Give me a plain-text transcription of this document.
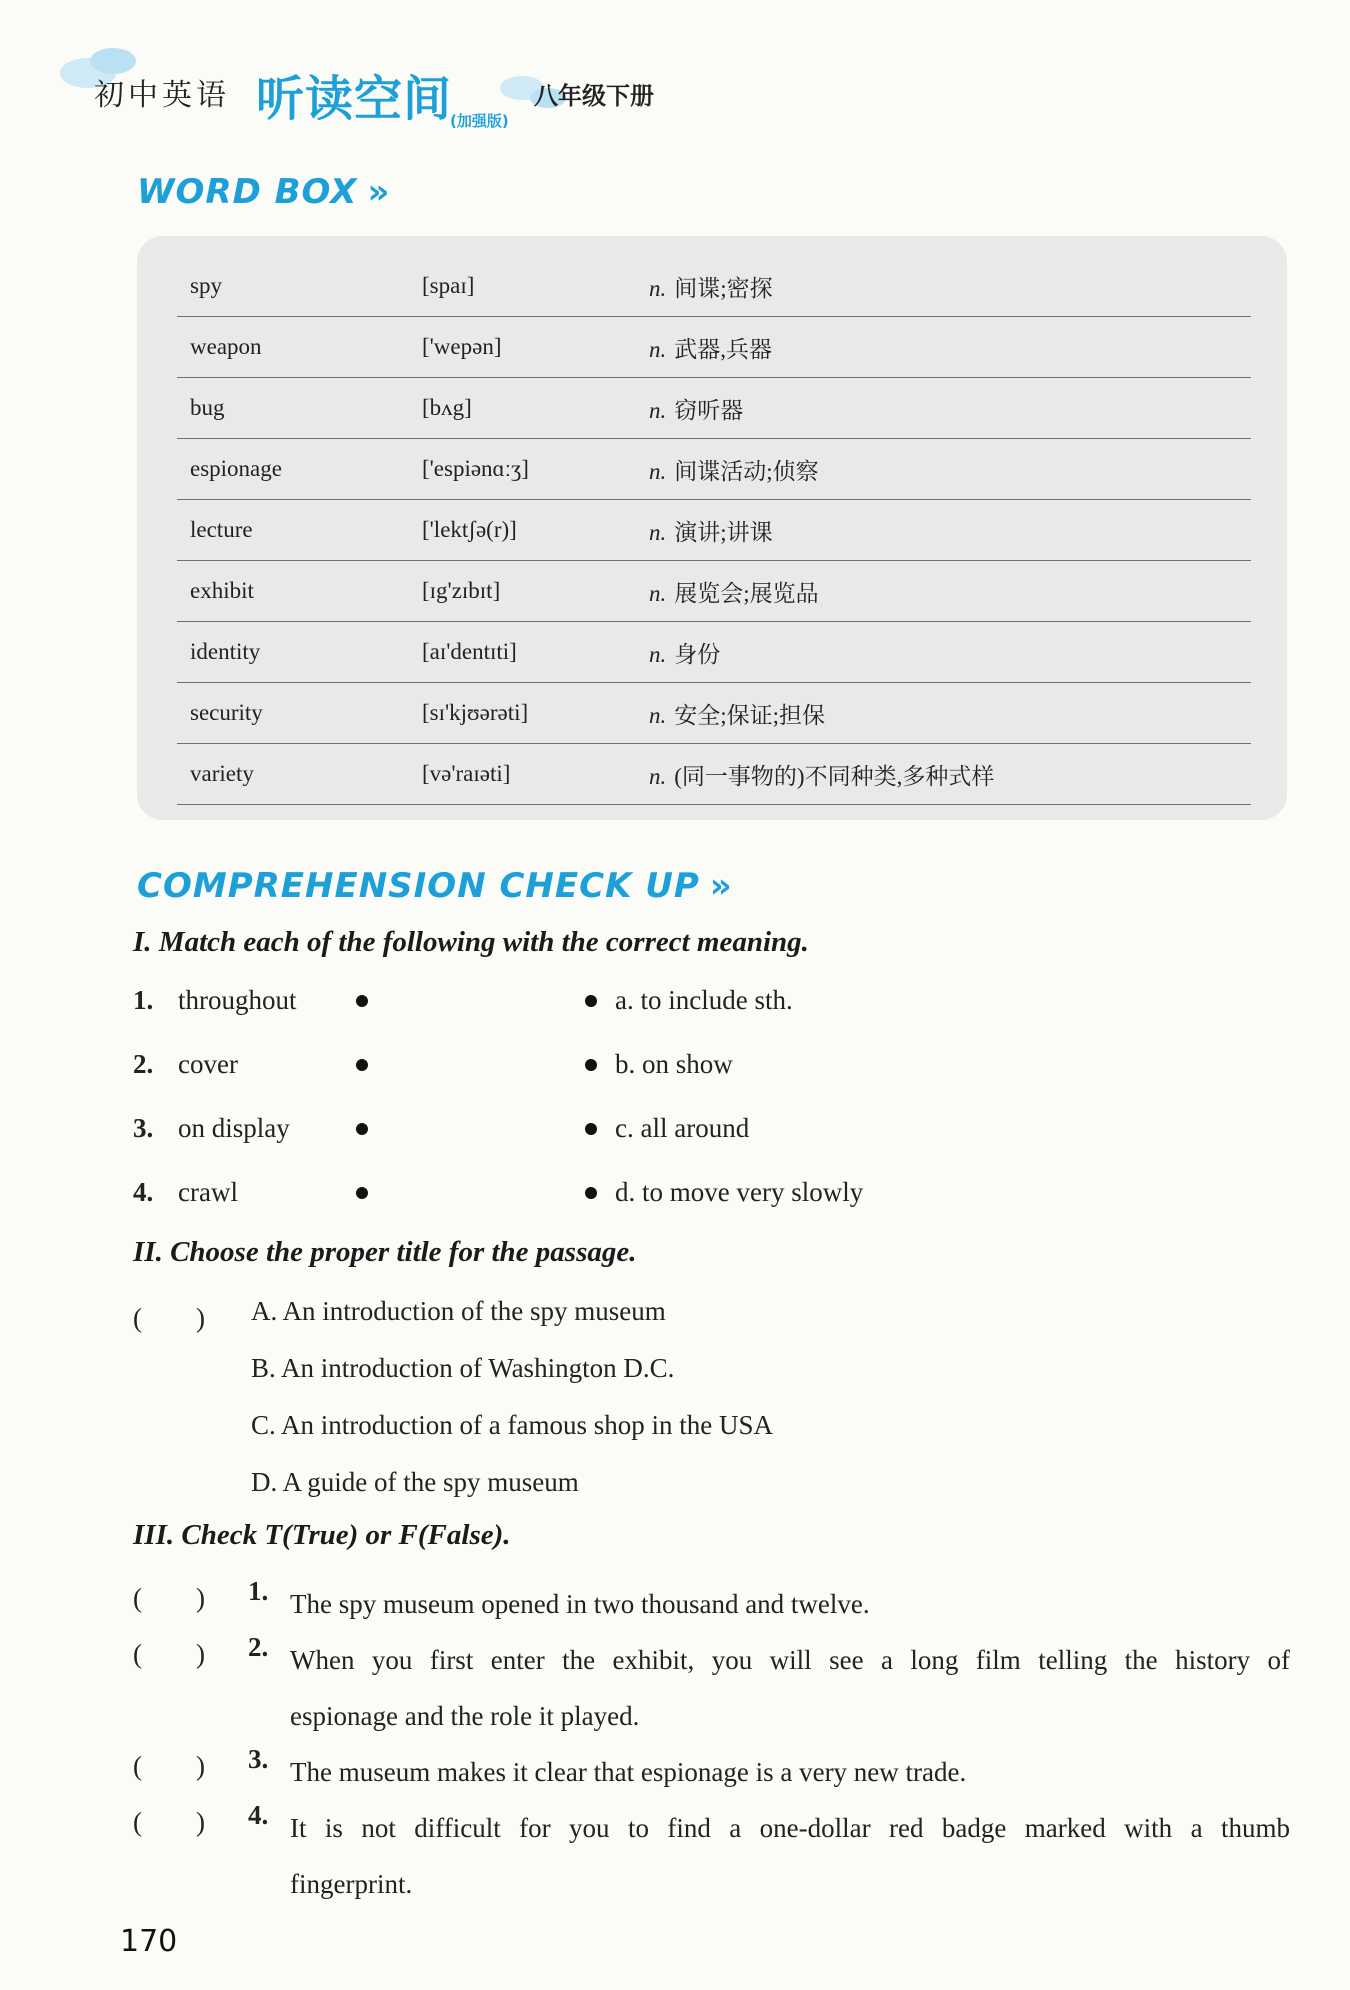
初中英语 听读空间
(加强版)
八年级下册
WORD BOX »
spy	[spaɪ]	n. 间谍;密探
weapon	['wepən]	n. 武器,兵器
bug	[bʌg]	n. 窃听器
espionage	['espiənɑːʒ]	n. 间谍活动;侦察
lecture	['lektʃə(r)]	n. 演讲;讲课
exhibit	[ɪg'zɪbɪt]	n. 展览会;展览品
identity	[aɪ'dentɪti]	n. 身份
security	[sɪ'kjʊərəti]	n. 安全;保证;担保
variety	[və'raɪəti]	n. (同一事物的)不同种类,多种式样
COMPREHENSION CHECK UP »
I. Match each of the following with the correct meaning.
1. throughout	a. to include sth.
2. cover	b. on show
3. on display	c. all around
4. crawl	d. to move very slowly
II. Choose the proper title for the passage.
(　　) A. An introduction of the spy museum
B. An introduction of Washington D.C.
C. An introduction of a famous shop in the USA
D. A guide of the spy museum
III. Check T(True) or F(False).
(　　) 1. The spy museum opened in two thousand and twelve.
(　　) 2. When you first enter the exhibit, you will see a long film telling the history of
espionage and the role it played.
(　　) 3. The museum makes it clear that espionage is a very new trade.
(　　) 4. It is not difficult for you to find a one-dollar red badge marked with a thumb
fingerprint.
170
